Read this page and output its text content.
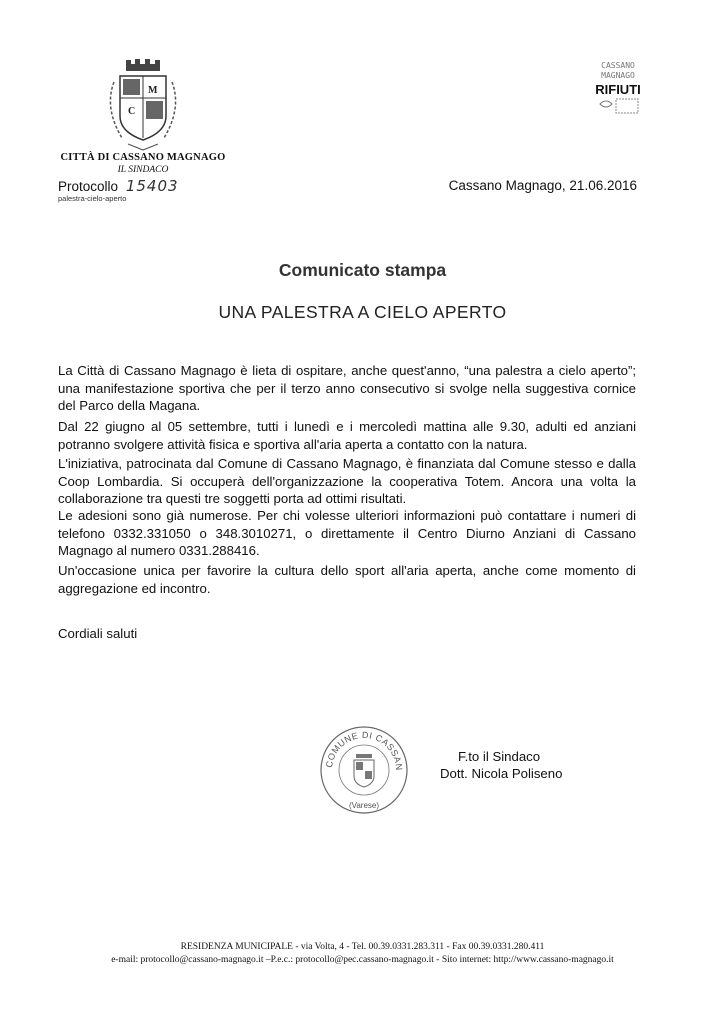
C
M
CITTÀ DI CASSANO MAGNAGO
IL SINDACO
Protocollo 15403
palestra-cielo-aperto
Cassano Magnago, 21.06.2016
CASSANO
MAGNAGO
RIFIUTI
Comunicato stampa
UNA PALESTRA A CIELO APERTO
La Città di Cassano Magnago è lieta di ospitare, anche quest'anno, “una palestra a cielo aperto”; una manifestazione sportiva che per il terzo anno consecutivo si svolge nella suggestiva cornice del Parco della Magana.
Dal 22 giugno al 05 settembre, tutti i lunedì e i mercoledì mattina alle 9.30, adulti ed anziani potranno svolgere attività fisica e sportiva all'aria aperta a contatto con la natura.
L'iniziativa, patrocinata dal Comune di Cassano Magnago, è finanziata dal Comune stesso e dalla Coop Lombardia. Si occuperà dell'organizzazione la cooperativa Totem. Ancora una volta la collaborazione tra questi tre soggetti porta ad ottimi risultati.
Le adesioni sono già numerose. Per chi volesse ulteriori informazioni può contattare i numeri di telefono 0332.331050 o 348.3010271, o direttamente il Centro Diurno Anziani di Cassano Magnago al numero 0331.288416.
Un'occasione unica per favorire la cultura dello sport all'aria aperta, anche come momento di aggregazione ed incontro.
Cordiali saluti
COMUNE DI CASSAN
(Varese)
F.to il Sindaco
Dott. Nicola Poliseno
RESIDENZA MUNICIPALE - via Volta, 4 - Tel. 00.39.0331.283.311 - Fax 00.39.0331.280.411
e-mail: protocollo@cassano-magnago.it –P.e.c.: protocollo@pec.cassano-magnago.it - Sito internet: http://www.cassano-magnago.it
